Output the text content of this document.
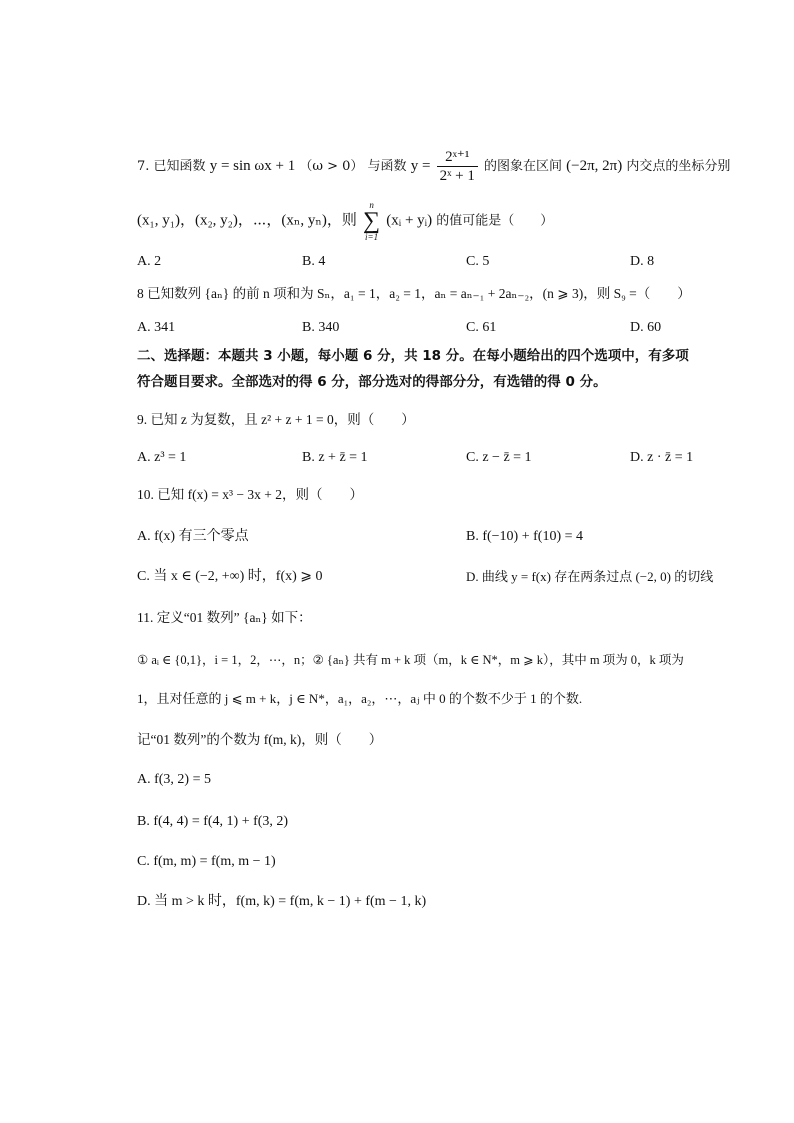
7. 已知函数 y = sin ωx + 1 （ω > 0） 与函数 $y = \frac{\text{2ˣ⁺¹}}{\text{2ˣ + 1}}$ 的图象在区间 (−2π, 2π) 内交点的坐标分别
(x₁, y₁)，(x₂, y₂)，⋯，(xₙ, yₙ)，则
n
∑
i=1
(xᵢ + yᵢ) 的值可能是（　　）
A. 2	B. 4	C. 5	D. 8
8 已知数列 {aₙ} 的前 n 项和为 Sₙ，a₁ = 1，a₂ = 1，aₙ = aₙ₋₁ + 2aₙ₋₂，(n ⩾ 3)，则 S₉ =（　　）
A. 341	B. 340	C. 61	D. 60
二、选择题：本题共 3 小题，每小题 6 分，共 18 分。在每小题给出的四个选项中，有多项
符合题目要求。全部选对的得 6 分，部分选对的得部分分，有选错的得 0 分。
9. 已知 z 为复数，且 z² + z + 1 = 0，则（　　）
A. z³ = 1	B. z + z̄ = 1	C. z − z̄ = 1	D. z · z̄ = 1
10. 已知 f(x) = x³ − 3x + 2，则（　　）
A. f(x) 有三个零点	B. f(−10) + f(10) = 4
C. 当 x ∈ (−2, +∞) 时，f(x) ⩾ 0	D. 曲线 y = f(x) 存在两条过点 (−2, 0) 的切线
11. 定义“01 数列” {aₙ} 如下：
① aᵢ ∈ {0,1}，i = 1，2，⋯，n；② {aₙ} 共有 m + k 项（m，k ∈ N*，m ⩾ k），其中 m 项为 0，k 项为
1，且对任意的 j ⩽ m + k，j ∈ N*，a₁，a₂，⋯，aⱼ 中 0 的个数不少于 1 的个数.
记“01 数列”的个数为 f(m, k)，则（　　）
A. f(3, 2) = 5
B. f(4, 4) = f(4, 1) + f(3, 2)
C. f(m, m) = f(m, m − 1)
D. 当 m > k 时，f(m, k) = f(m, k − 1) + f(m − 1, k)
